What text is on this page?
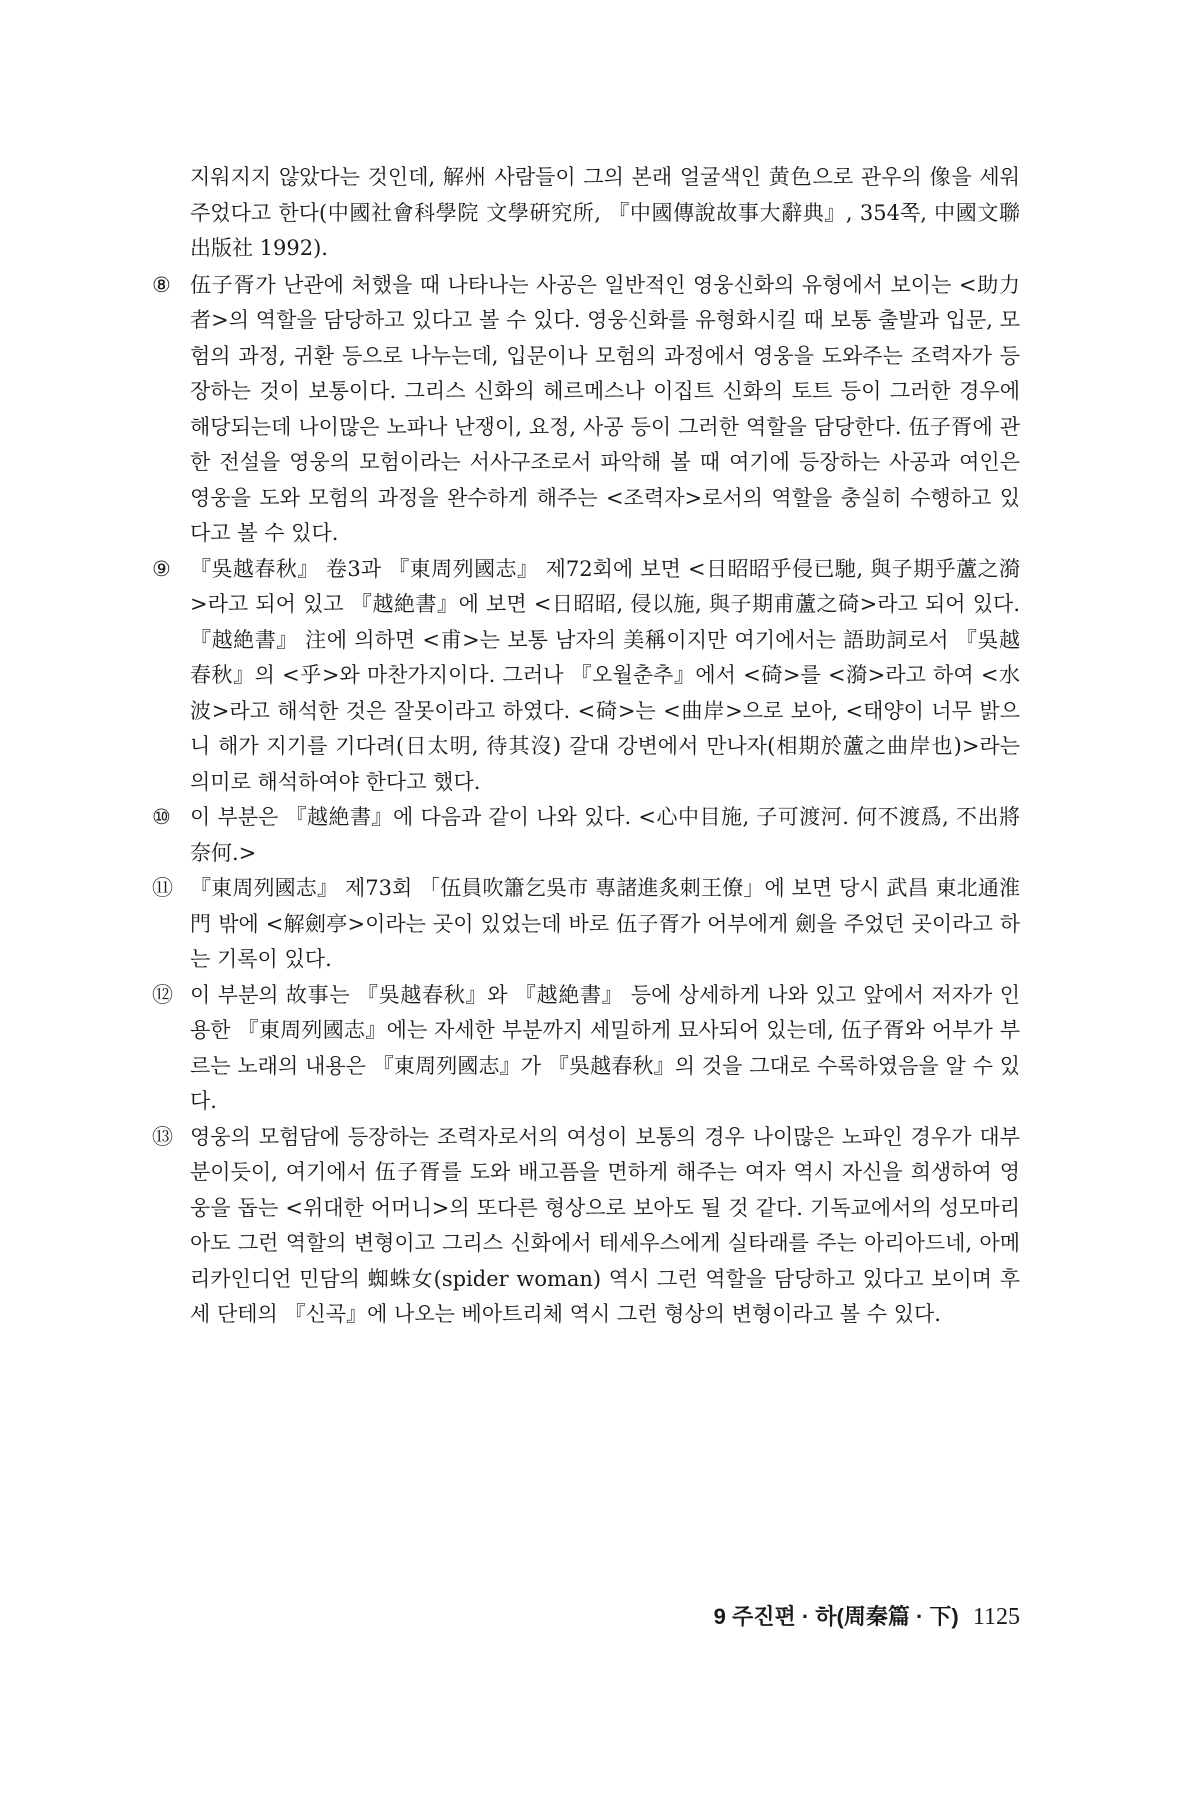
지워지지 않았다는 것인데, 解州 사람들이 그의 본래 얼굴색인 黄色으로 관우의 像을 세워주었다고 한다(中國社會科學院 文學硏究所, 『中國傳說故事大辭典』, 354쪽, 中國文聯出版社 1992).

⑧ 伍子胥가 난관에 처했을 때 나타나는 사공은 일반적인 영웅신화의 유형에서 보이는 <助力者>의 역할을 담당하고 있다고 볼 수 있다. 영웅신화를 유형화시킬 때 보통 출발과 입문, 모험의 과정, 귀환 등으로 나누는데, 입문이나 모험의 과정에서 영웅을 도와주는 조력자가 등장하는 것이 보통이다. 그리스 신화의 헤르메스나 이집트 신화의 토트 등이 그러한 경우에 해당되는데 나이많은 노파나 난쟁이, 요정, 사공 등이 그러한 역할을 담당한다. 伍子胥에 관한 전설을 영웅의 모험이라는 서사구조로서 파악해 볼 때 여기에 등장하는 사공과 여인은 영웅을 도와 모험의 과정을 완수하게 해주는 <조력자>로서의 역할을 충실히 수행하고 있다고 볼 수 있다.
⑨ 『吳越春秋』 卷3과 『東周列國志』 제72회에 보면 <日昭昭乎侵已馳, 與子期乎蘆之漪>라고 되어 있고 『越絶書』에 보면 <日昭昭, 侵以施, 與子期甫蘆之碕>라고 되어 있다. 『越絶書』 注에 의하면 <甫>는 보통 남자의 美稱이지만 여기에서는 語助詞로서 『吳越春秋』의 <乎>와 마찬가지이다. 그러나 『오월춘추』에서 <碕>를 <漪>라고 하여 <水波>라고 해석한 것은 잘못이라고 하였다. <碕>는 <曲岸>으로 보아, <태양이 너무 밝으니 해가 지기를 기다려(日太明, 待其沒) 갈대 강변에서 만나자(相期於蘆之曲岸也)>라는 의미로 해석하여야 한다고 했다.
⑩ 이 부분은 『越絶書』에 다음과 같이 나와 있다. <心中目施, 子可渡河. 何不渡爲, 不出將奈何.>
⑪ 『東周列國志』 제73회 「伍員吹簫乞吳市 專諸進炙刺王僚」에 보면 당시 武昌 東北通淮門 밖에 <解劍亭>이라는 곳이 있었는데 바로 伍子胥가 어부에게 劍을 주었던 곳이라고 하는 기록이 있다.
⑫ 이 부분의 故事는 『吳越春秋』와 『越絶書』 등에 상세하게 나와 있고 앞에서 저자가 인용한 『東周列國志』에는 자세한 부분까지 세밀하게 묘사되어 있는데, 伍子胥와 어부가 부르는 노래의 내용은 『東周列國志』가 『吳越春秋』의 것을 그대로 수록하였음을 알 수 있다.
⑬ 영웅의 모험담에 등장하는 조력자로서의 여성이 보통의 경우 나이많은 노파인 경우가 대부분이듯이, 여기에서 伍子胥를 도와 배고픔을 면하게 해주는 여자 역시 자신을 희생하여 영웅을 돕는 <위대한 어머니>의 또다른 형상으로 보아도 될 것 같다. 기독교에서의 성모마리아도 그런 역할의 변형이고 그리스 신화에서 테세우스에게 실타래를 주는 아리아드네, 아메리카인디언 민담의 蜘蛛女(spider woman) 역시 그런 역할을 담당하고 있다고 보이며 후세 단테의 『신곡』에 나오는 베아트리체 역시 그런 형상의 변형이라고 볼 수 있다.
9 주진편 · 하(周秦篇 · 下) 1125
